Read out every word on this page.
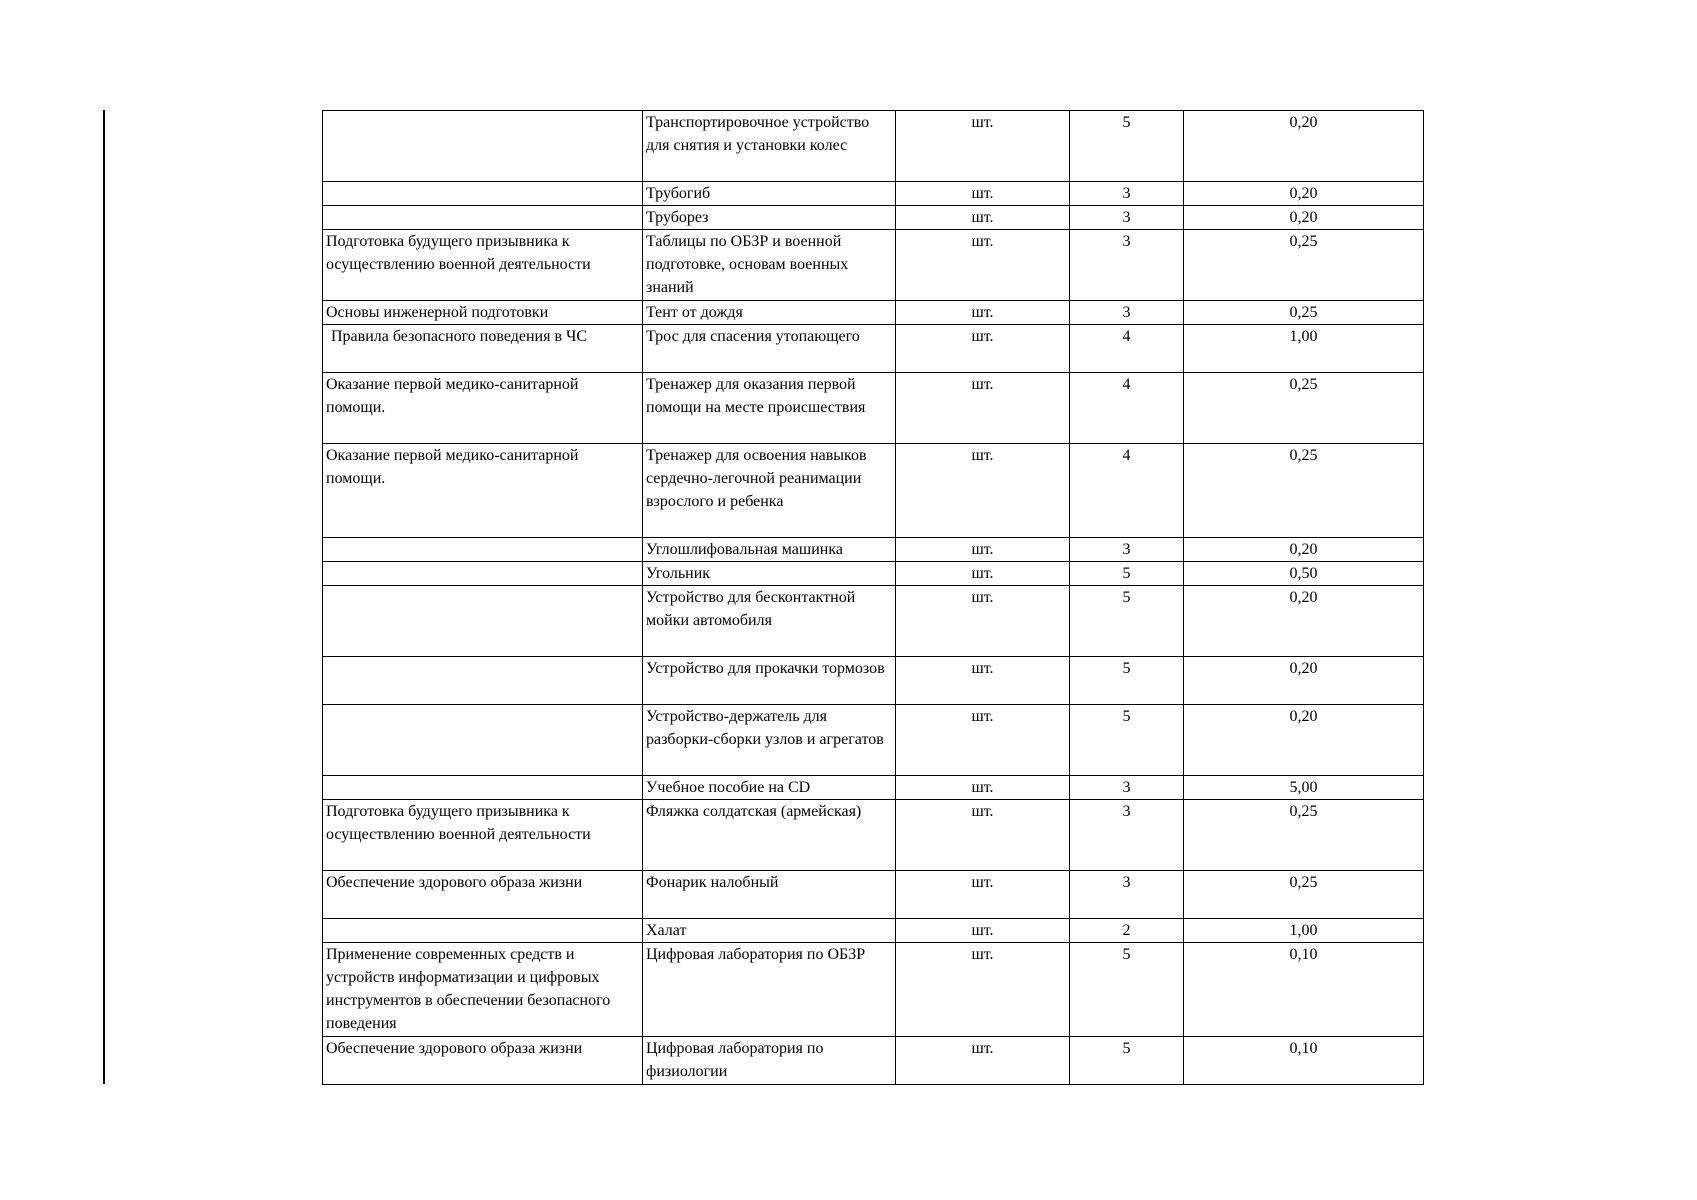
	Транспортировочное устройство для снятия и установки колес	шт.	5	0,20
	Трубогиб	шт.	3	0,20
	Труборез	шт.	3	0,20
Подготовка будущего призывника к осуществлению военной деятельности	Таблицы по ОБЗР и военной подготовке, основам военных знаний	шт.	3	0,25
Основы инженерной подготовки	Тент от дождя	шт.	3	0,25
Правила безопасного поведения в ЧС	Трос для спасения утопающего	шт.	4	1,00
Оказание первой медико-санитарной помощи.	Тренажер для оказания первой помощи на месте происшествия	шт.	4	0,25
Оказание первой медико-санитарной помощи.	Тренажер для освоения навыков сердечно-легочной реанимации взрослого и ребенка	шт.	4	0,25
	Углошлифовальная машинка	шт.	3	0,20
	Угольник	шт.	5	0,50
	Устройство для бесконтактной мойки автомобиля	шт.	5	0,20
	Устройство для прокачки тормозов	шт.	5	0,20
	Устройство-держатель для разборки-сборки узлов и агрегатов	шт.	5	0,20
	Учебное пособие на CD	шт.	3	5,00
Подготовка будущего призывника к осуществлению военной деятельности	Фляжка солдатская (армейская)	шт.	3	0,25
Обеспечение здорового образа жизни	Фонарик налобный	шт.	3	0,25
	Халат	шт.	2	1,00
Применение современных средств и устройств информатизации и цифровых инструментов в обеспечении безопасного поведения	Цифровая лаборатория по ОБЗР	шт.	5	0,10
Обеспечение здорового образа жизни	Цифровая лаборатория по физиологии	шт.	5	0,10
